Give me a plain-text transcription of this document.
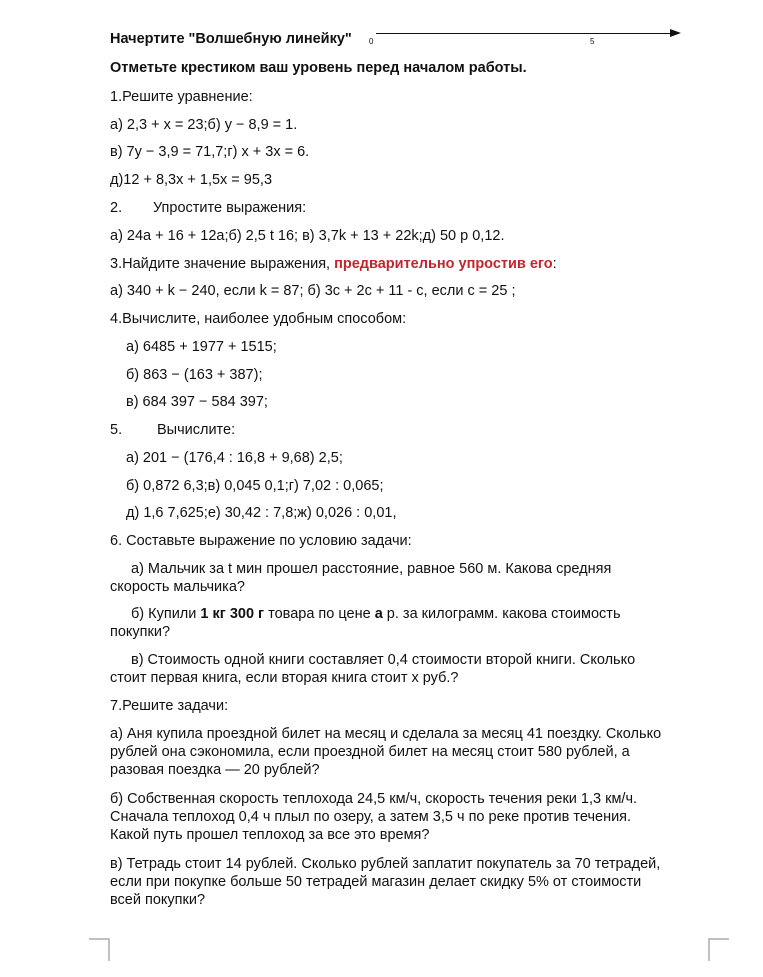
Начертите "Волшебную линейку" 0	5
Отметьте крестиком ваш уровень перед началом работы.
1.Решите уравнение:
а) 2,3 + х = 23;б) у − 8,9 = 1.
в) 7у − 3,9 = 71,7;г) х + 3х = 6.
д)12 + 8,3х + 1,5х = 95,3
2. Упростите выражения:
а) 24а + 16 + 12а;б) 2,5 t 16; в) 3,7k + 13 + 22k;д) 50 р 0,12.
3.Найдите значение выражения, предварительно упростив его:
а) 340 + k − 240, если k = 87; б) 3с + 2с + 11 - с, если с = 25 ;
4.Вычислите, наиболее удобным способом:
а) 6485 + 1977 + 1515;
б) 863 − (163 + 387);
в) 684 397 − 584 397;
5. Вычислите:
а) 201 − (176,4 : 16,8 + 9,68) 2,5;
б) 0,872 6,3;в) 0,045 0,1;г) 7,02 : 0,065;
д) 1,6 7,625;е) 30,42 : 7,8;ж) 0,026 : 0,01,
6. Составьте выражение по условию задачи:
а) Мальчик за t мин прошел расстояние, равное 560 м. Какова средняя
скорость мальчика?
б) Купили 1 кг 300 г товара по цене а р. за килограмм. какова стоимость
покупки?
в) Стоимость одной книги составляет 0,4 стоимости второй книги. Сколько
стоит первая книга, если вторая книга стоит х руб.?
7.Решите задачи:
а) Аня купила проездной билет на месяц и сделала за месяц 41 поездку. Сколько
рублей она сэкономила, если проездной билет на месяц стоит 580 рублей, а
разовая поездка — 20 рублей?
б) Собственная скорость теплохода 24,5 км/ч, скорость течения реки 1,3 км/ч.
Сначала теплоход 0,4 ч плыл по озеру, а затем 3,5 ч по реке против течения.
Какой путь прошел теплоход за все это время?
в) Тетрадь стоит 14 рублей. Сколько рублей заплатит покупатель за 70 тетрадей,
если при покупке больше 50 тетрадей магазин делает скидку 5% от стоимости
всей покупки?
